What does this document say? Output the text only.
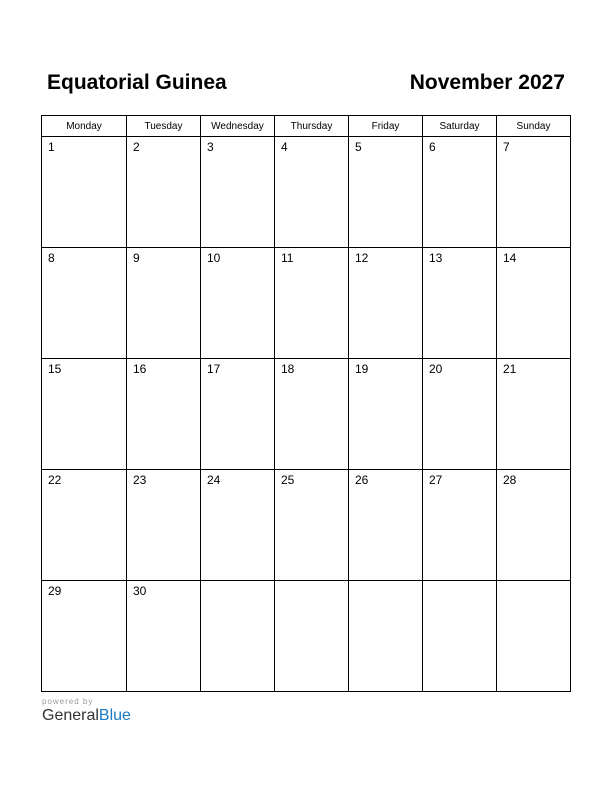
Equatorial Guinea	November 2027
Monday	Tuesday	Wednesday	Thursday	Friday	Saturday	Sunday
1	2	3	4	5	6	7
8	9	10	11	12	13	14
15	16	17	18	19	20	21
22	23	24	25	26	27	28
29	30					
powered by
GeneralBlue
